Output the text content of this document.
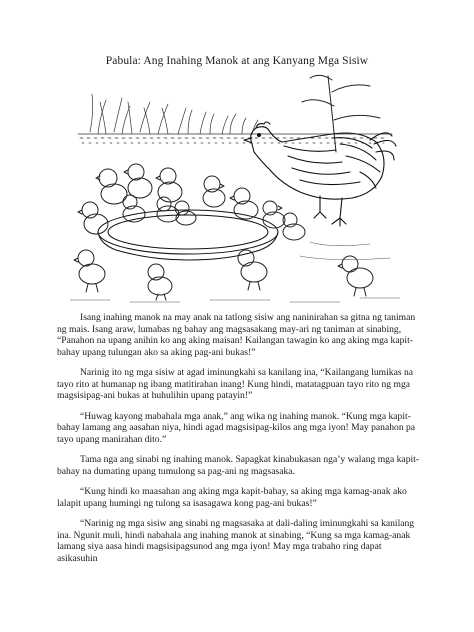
Pabula: Ang Inahing Manok at ang Kanyang Mga Sisiw

Isang inahing manok na may anak na tatlong sisiw ang naninirahan sa gitna ng taniman ng mais. Isang araw, lumabas ng bahay ang magsasakang may-ari ng taniman at sinabing, “Panahon na upang anihin ko ang aking maisan! Kailangan tawagin ko ang aking mga kapit-bahay upang tulungan ako sa aking pag-ani bukas!”

Narinig ito ng mga sisiw at agad iminungkahi sa kanilang ina, “Kailangang lumikas na tayo rito at humanap ng ibang matitirahan inang! Kung hindi, matatagpuan tayo rito ng mga magsisipag-ani bukas at huhulihin upang patayin!”

“Huwag kayong mabahala mga anak,” ang wika ng inahing manok. “Kung mga kapit-bahay lamang ang aasahan niya, hindi agad magsisipag-kilos ang mga iyon! May panahon pa tayo upang manirahan dito.”

Tama nga ang sinabi ng inahing manok. Sapagkat kinabukasan nga’y walang mga kapit-bahay na dumating upang tumulong sa pag-ani ng magsasaka.

“Kung hindi ko maasahan ang aking mga kapit-bahay, sa aking mga kamag-anak ako lalapit upang humingi ng tulong sa isasagawa kong pag-ani bukas!”

“Narinig ng mga sisiw ang sinabi ng magsasaka at dali-daling iminungkahi sa kanilang ina. Ngunit muli, hindi nabahala ang inahing manok at sinabing, “Kung sa mga kamag-anak lamang siya aasa hindi magsisipagsunod ang mga iyon! May mga trabaho ring dapat asikasuhin
